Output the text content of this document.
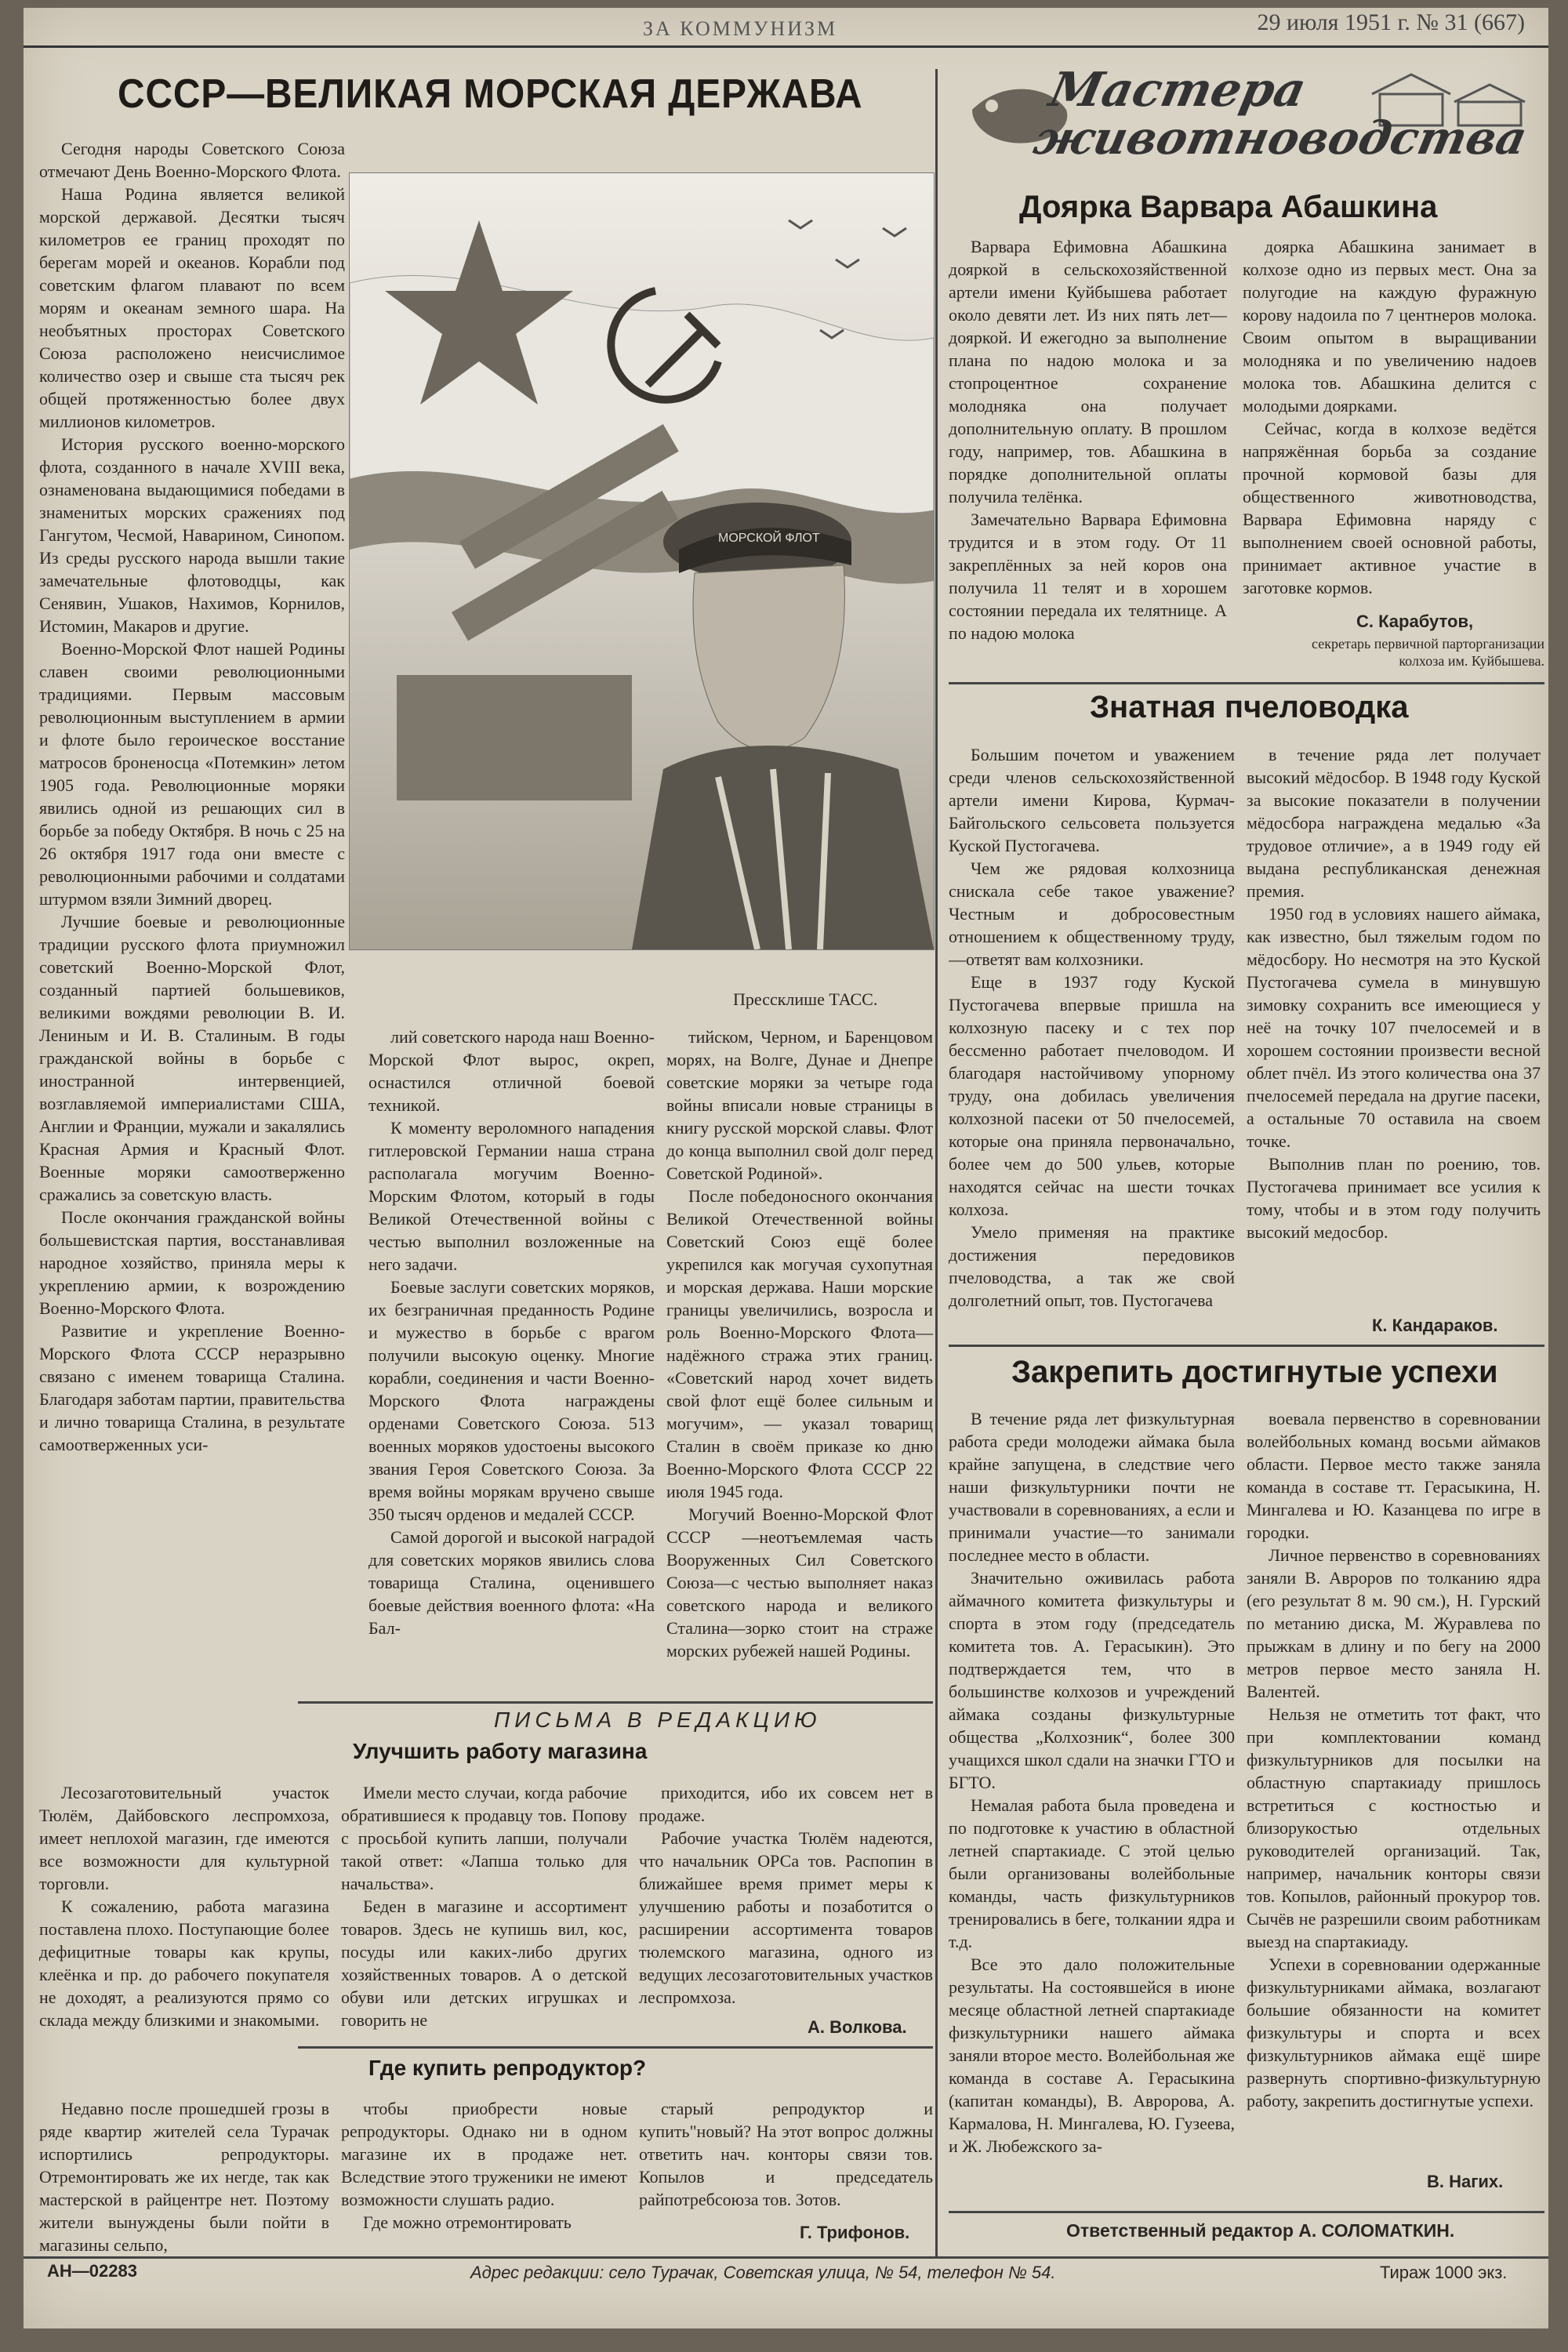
ЗА КОММУНИЗМ	29 июля 1951 г. № 31 (667)
СССР—ВЕЛИКАЯ МОРСКАЯ ДЕРЖАВА

Сегодня народы Советского Союза отмечают День Военно-Морского Флота.

Наша Родина является великой морской державой. Десятки тысяч километров ее границ проходят по берегам морей и океанов. Корабли под советским флагом плавают по всем морям и океанам земного шара. На необъятных просторах Советского Союза расположено неисчислимое количество озер и свыше ста тысяч рек общей протяженностью более двух миллионов километров.

История русского военно-морского флота, созданного в начале XVIII века, ознаменована выдающимися победами в знаменитых морских сражениях под Гангутом, Чесмой, Наварином, Синопом. Из среды русского народа вышли такие замечательные флотоводцы, как Сенявин, Ушаков, Нахимов, Корнилов, Истомин, Макаров и другие.

Военно-Морской Флот нашей Родины славен своими революционными традициями. Первым массовым революционным выступлением в армии и флоте было героическое восстание матросов броненосца «Потемкин» летом 1905 года. Революционные моряки явились одной из решающих сил в борьбе за победу Октября. В ночь с 25 на 26 октября 1917 года они вместе с революционными рабочими и солдатами штурмом взяли Зимний дворец.

Лучшие боевые и революционные традиции русского флота приумножил советский Военно-Морской Флот, созданный партией большевиков, великими вождями революции В. И. Лениным и И. В. Сталиным. В годы гражданской войны в борьбе с иностранной интервенцией, возглавляемой империалистами США, Англии и Франции, мужали и закалялись Красная Армия и Красный Флот. Военные моряки самоотверженно сражались за советскую власть.

После окончания гражданской войны большевистская партия, восстанавливая народное хозяйство, приняла меры к укреплению армии, к возрождению Военно-Морского Флота.

Развитие и укрепление Военно-Морского Флота СССР неразрывно связано с именем товарища Сталина. Благодаря заботам партии, правительства и лично товарища Сталина, в результате самоотверженных уси-

МОРСКОЙ ФЛОТ
Прессклише ТАСС.

лий советского народа наш Военно-Морской Флот вырос, окреп, оснастился отличной боевой техникой.

К моменту вероломного нападения гитлеровской Германии наша страна располагала могучим Военно-Морским Флотом, который в годы Великой Отечественной войны с честью выполнил возложенные на него задачи.

Боевые заслуги советских моряков, их безграничная преданность Родине и мужество в борьбе с врагом получили высокую оценку. Многие корабли, соединения и части Военно-Морского Флота награждены орденами Советского Союза. 513 военных моряков удостоены высокого звания Героя Советского Союза. За время войны морякам вручено свыше 350 тысяч орденов и медалей СССР.

Самой дорогой и высокой наградой для советских моряков явились слова товарища Сталина, оценившего боевые действия военного флота: «На Бал-

тийском, Черном, и Баренцовом морях, на Волге, Дунае и Днепре советские моряки за четыре года войны вписали новые страницы в книгу русской морской славы. Флот до конца выполнил свой долг перед Советской Родиной».

После победоносного окончания Великой Отечественной войны Советский Союз ещё более укрепился как могучая сухопутная и морская держава. Наши морские границы увеличились, возросла и роль Военно-Морского Флота—надёжного стража этих границ. «Советский народ хочет видеть свой флот ещё более сильным и могучим», — указал товарищ Сталин в своём приказе ко дню Военно-Морского Флота СССР 22 июля 1945 года.

Могучий Военно-Морской Флот СССР —неотъемлемая часть Вооруженных Сил Советского Союза—с честью выполняет наказ советского народа и великого Сталина—зорко стоит на страже морских рубежей нашей Родины.

ПИСЬМА В РЕДАКЦИЮ
Улучшить работу магазина

Лесозаготовительный участок Тюлём, Дайбовского леспромхоза, имеет неплохой магазин, где имеются все возможности для культурной торговли.

К сожалению, работа магазина поставлена плохо. Поступающие более дефицитные товары как крупы, клеёнка и пр. до рабочего покупателя не доходят, а реализуются прямо со склада между близкими и знакомыми.

Имели место случаи, когда рабочие обратившиеся к продавцу тов. Попову с просьбой купить лапши, получали такой ответ: «Лапша только для начальства».

Беден в магазине и ассортимент товаров. Здесь не купишь вил, кос, посуды или каких-либо других хозяйственных товаров. А о детской обуви или детских игрушках и говорить не

приходится, ибо их совсем нет в продаже.

Рабочие участка Тюлём надеются, что начальник ОРСа тов. Распопин в ближайшее время примет меры к улучшению работы и позаботится о расширении ассортимента товаров тюлемского магазина, одного из ведущих лесозаготовительных участков леспромхоза.

А. Волкова.
Где купить репродуктор?

Недавно после прошедшей грозы в ряде квартир жителей села Турачак испортились репродукторы. Отремонтировать же их негде, так как мастерской в райцентре нет. Поэтому жители вынуждены были пойти в магазины сельпо,

чтобы приобрести новые репродукторы. Однако ни в одном магазине их в продаже нет. Вследствие этого труженики не имеют возможности слушать радио.

Где можно отремонтировать

старый репродуктор и купить"новый? На этот вопрос должны ответить нач. конторы связи тов. Копылов и председатель райпотребсоюза тов. Зотов.

Г. Трифонов.
Мастера
животноводства
Доярка Варвара Абашкина

Варвара Ефимовна Абашкина дояркой в сельскохозяйственной артели имени Куйбышева работает около девяти лет. Из них пять лет—дояркой. И ежегодно за выполнение плана по надою молока и за стопроцентное сохранение молодняка она получает дополнительную оплату. В прошлом году, например, тов. Абашкина в порядке дополнительной оплаты получила телёнка.

Замечательно Варвара Ефимовна трудится и в этом году. От 11 закреплённых за ней коров она получила 11 телят и в хорошем состоянии передала их телятнице. А по надою молока

доярка Абашкина занимает в колхозе одно из первых мест. Она за полугодие на каждую фуражную корову надоила по 7 центнеров молока. Своим опытом в выращивании молодняка и по увеличению надоев молока тов. Абашкина делится с молодыми доярками.

Сейчас, когда в колхозе ведётся напряжённая борьба за создание прочной кормовой базы для общественного животноводства, Варвара Ефимовна наряду с выполнением своей основной работы, принимает активное участие в заготовке кормов.

С. Карабутов,
секретарь первичной парторганизации колхоза им. Куйбышева.
Знатная пчеловодка

Большим почетом и уважением среди членов сельскохозяйственной артели имени Кирова, Курмач-Байгольского сельсовета пользуется Куской Пустогачева.

Чем же рядовая колхозница снискала себе такое уважение? Честным и добросовестным отношением к общественному труду,—ответят вам колхозники.

Еще в 1937 году Куской Пустогачева впервые пришла на колхозную пасеку и с тех пор бессменно работает пчеловодом. И благодаря настойчивому упорному труду, она добилась увеличения колхозной пасеки от 50 пчелосемей, которые она приняла первоначально, более чем до 500 ульев, которые находятся сейчас на шести точках колхоза.

Умело применяя на практике достижения передовиков пчеловодства, а так же свой долголетний опыт, тов. Пустогачева

в течение ряда лет получает высокий мёдосбор. В 1948 году Куской за высокие показатели в получении мёдосбора награждена медалью «За трудовое отличие», а в 1949 году ей выдана республиканская денежная премия.

1950 год в условиях нашего аймака, как известно, был тяжелым годом по мёдосбору. Но несмотря на это Куской Пустогачева сумела в минувшую зимовку сохранить все имеющиеся у неё на точку 107 пчелосемей и в хорошем состоянии произвести весной облет пчёл. Из этого количества она 37 пчелосемей передала на другие пасеки, а остальные 70 оставила на своем точке.

Выполнив план по роению, тов. Пустогачева принимает все усилия к тому, чтобы и в этом году получить высокий медосбор.

К. Кандараков.
Закрепить достигнутые успехи

В течение ряда лет физкультурная работа среди молодежи аймака была крайне запущена, в следствие чего наши физкультурники почти не участвовали в соревнованиях, а если и принимали участие—то занимали последнее место в области.

Значительно оживилась работа аймачного комитета физкультуры и спорта в этом году (председатель комитета тов. А. Герасыкин). Это подтверждается тем, что в большинстве колхозов и учреждений аймака созданы физкультурные общества „Колхозник“, более 300 учащихся школ сдали на значки ГТО и БГТО.

Немалая работа была проведена и по подготовке к участию в областной летней спартакиаде. С этой целью были организованы волейбольные команды, часть физкультурников тренировались в беге, толкании ядра и т.д.

Все это дало положительные результаты. На состоявшейся в июне месяце областной летней спартакиаде физкультурники нашего аймака заняли второе место. Волейбольная же команда в составе А. Герасыкина (капитан команды), В. Авророва, А. Кармалова, Н. Мингалева, Ю. Гузеева, и Ж. Любежского за-

воевала первенство в соревновании волейбольных команд восьми аймаков области. Первое место также заняла команда в составе тт. Герасыкина, Н. Мингалева и Ю. Казанцева по игре в городки.

Личное первенство в соревнованиях заняли В. Авроров по толканию ядра (его результат 8 м. 90 см.), Н. Гурский по метанию диска, М. Журавлева по прыжкам в длину и по бегу на 2000 метров первое место заняла Н. Валентей.

Нельзя не отметить тот факт, что при комплектовании команд физкультурников для посылки на областную спартакиаду пришлось встретиться с костностью и близорукостью отдельных руководителей организаций. Так, например, начальник конторы связи тов. Копылов, районный прокурор тов. Сычёв не разрешили своим работникам выезд на спартакиаду.

Успехи в соревновании одержанные физкультурниками аймака, возлагают большие обязанности на комитет физкультуры и спорта и всех физкультурников аймака ещё шире развернуть спортивно-физкультурную работу, закрепить достигнутые успехи.

В. Нагих.
Ответственный редактор А. СОЛОМАТКИН.
АН—02283	Адрес редакции: село Турачак, Советская улица, № 54, телефон № 54.	Тираж 1000 экз.
